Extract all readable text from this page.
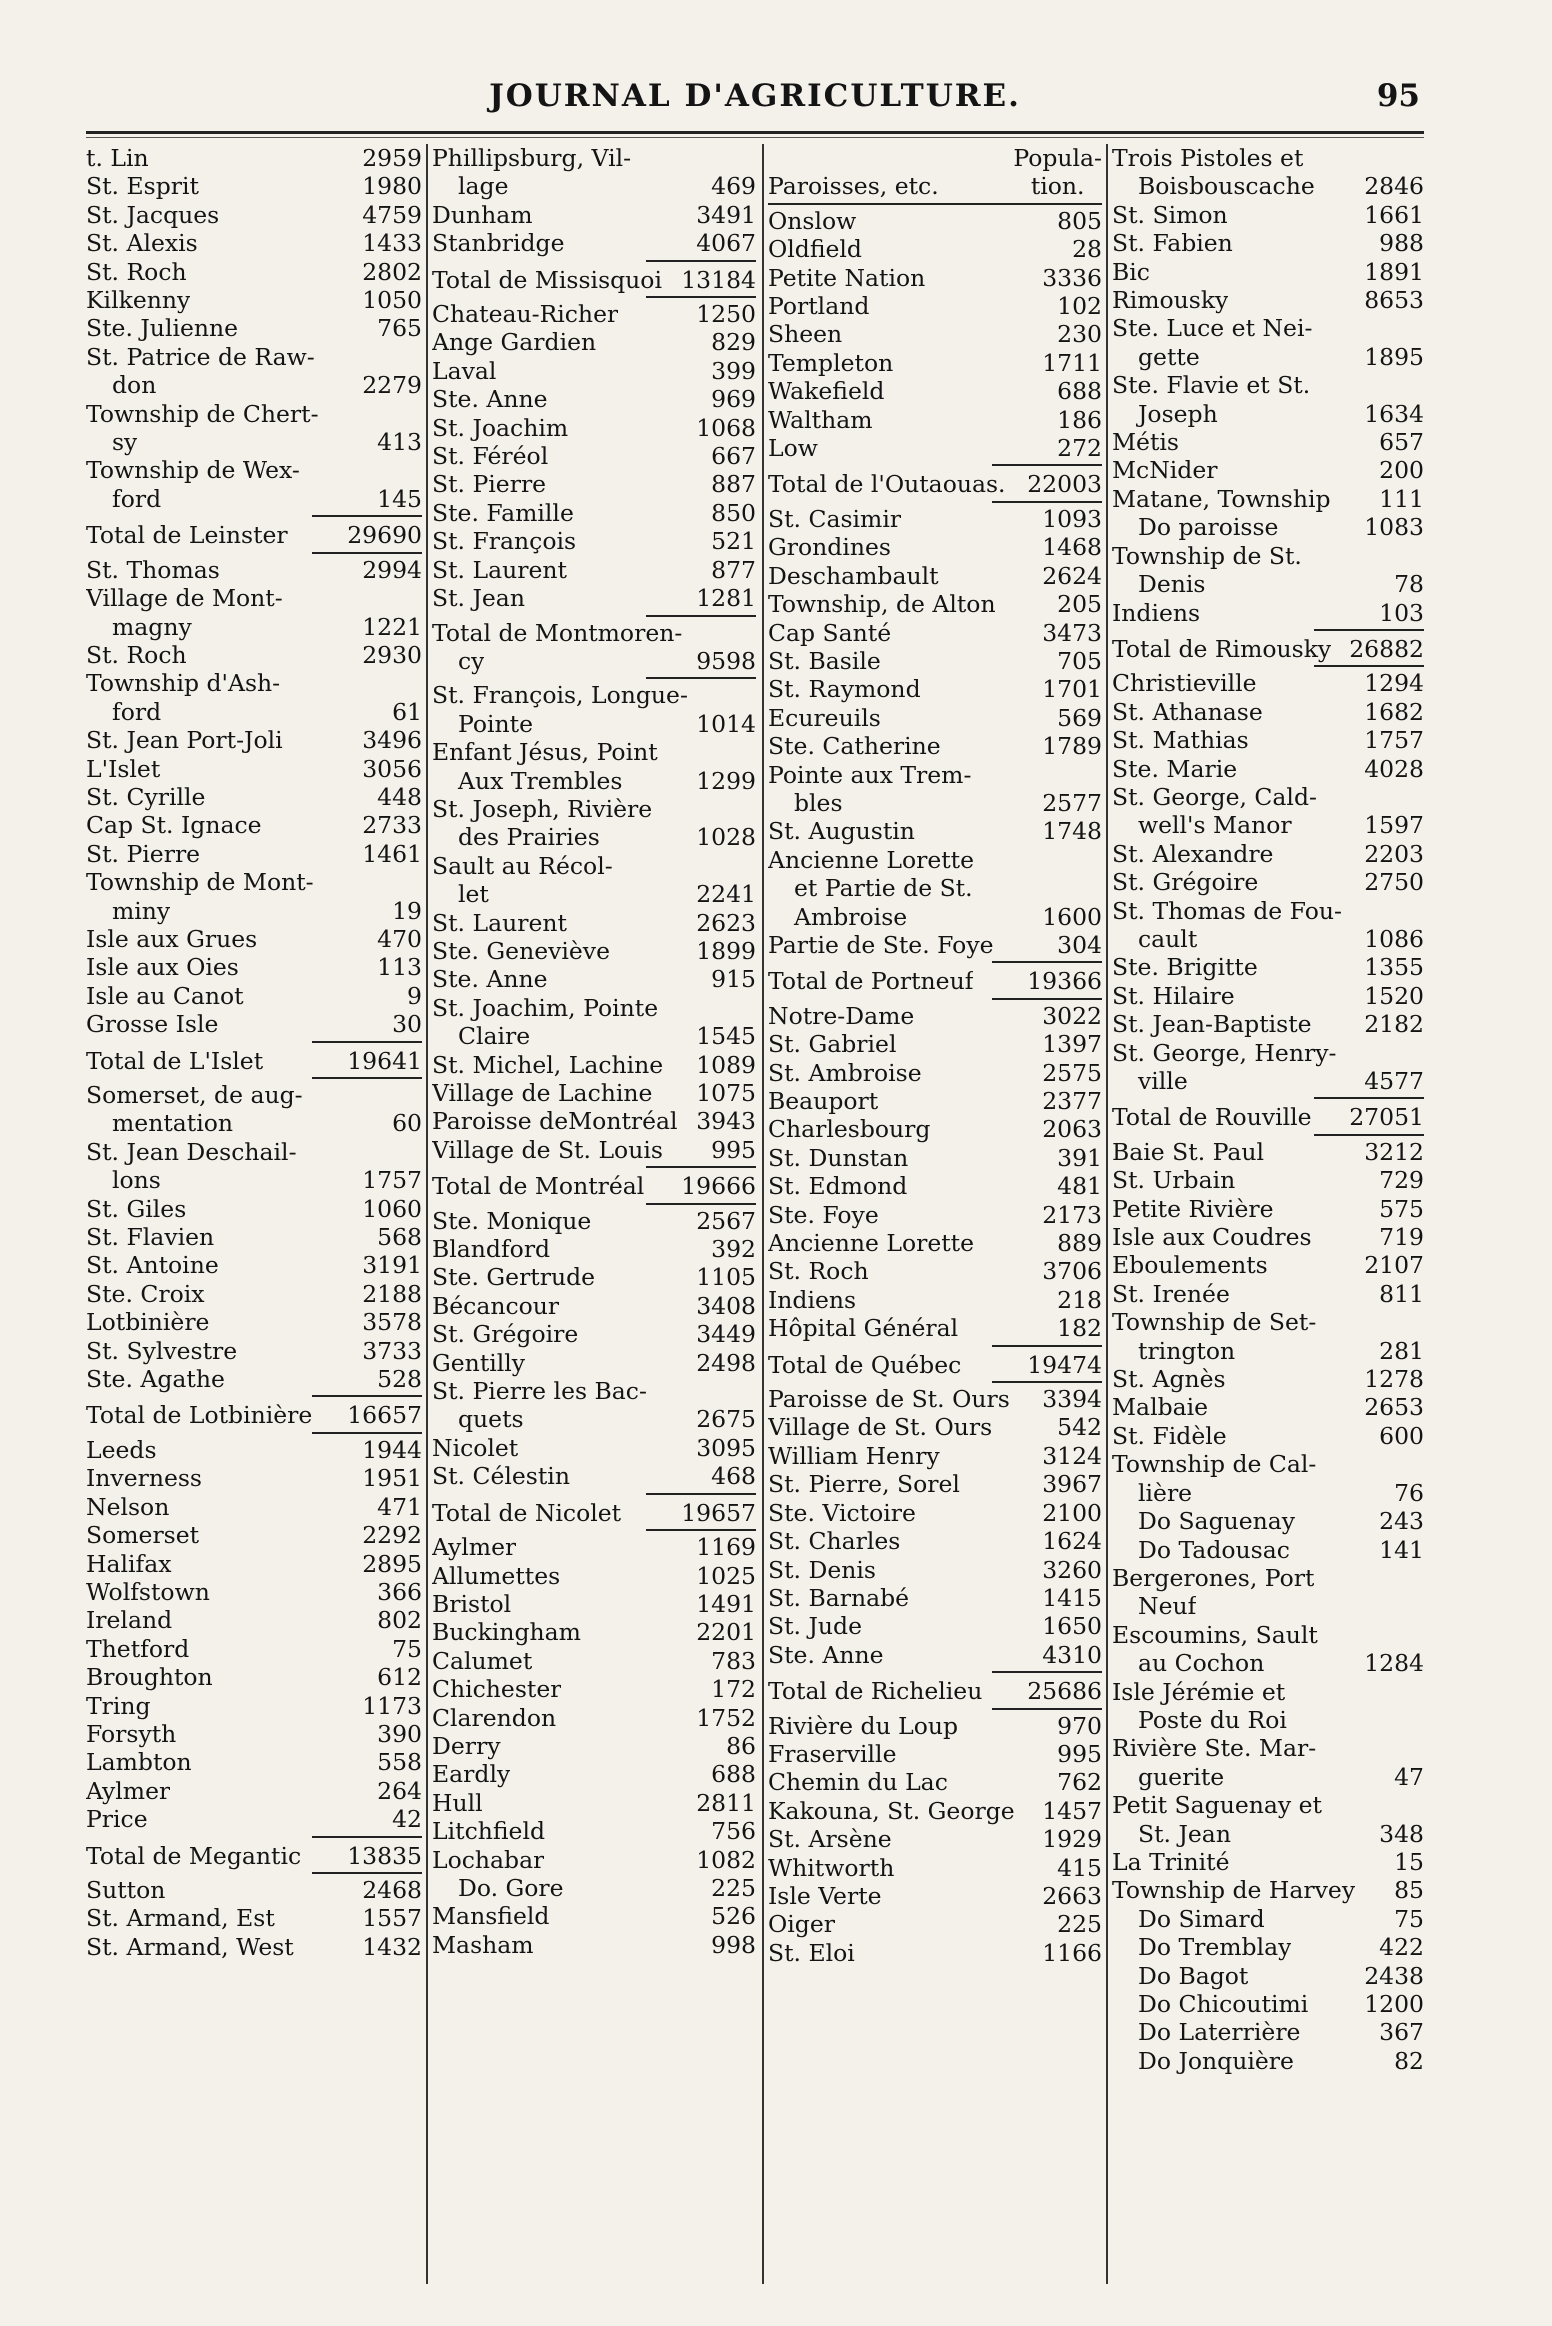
JOURNAL D'AGRICULTURE.	95
t. Lin	2959
St. Esprit	1980
St. Jacques	4759
St. Alexis	1433
St. Roch	2802
Kilkenny	1050
Ste. Julienne	765
St. Patrice de Raw-
don	2279
Township de Chert-
sy	413
Township de Wex-
ford	145
Total de Leinster	29690
St. Thomas	2994
Village de Mont-
magny	1221
St. Roch	2930
Township d'Ash-
ford	61
St. Jean Port-Joli	3496
L'Islet	3056
St. Cyrille	448
Cap St. Ignace	2733
St. Pierre	1461
Township de Mont-
miny	19
Isle aux Grues	470
Isle aux Oies	113
Isle au Canot	9
Grosse Isle	30
Total de L'Islet	19641
Somerset, de aug-
mentation	60
St. Jean Deschail-
lons	1757
St. Giles	1060
St. Flavien	568
St. Antoine	3191
Ste. Croix	2188
Lotbinière	3578
St. Sylvestre	3733
Ste. Agathe	528
Total de Lotbinière 16657
Leeds	1944
Inverness	1951
Nelson	471
Somerset	2292
Halifax	2895
Wolfstown	366
Ireland	802
Thetford	75
Broughton	612
Tring	1173
Forsyth	390
Lambton	558
Aylmer	264
Price	42
Total de Megantic 13835
Sutton	2468
St. Armand, Est	1557
St. Armand, West	1432
Phillipsburg, Vil-
lage	469
Dunham	3491
Stanbridge	4067
Total de Missisquoi 13184
Chateau-Richer	1250
Ange Gardien	829
Laval	399
Ste. Anne	969
St. Joachim	1068
St. Féréol	667
St. Pierre	887
Ste. Famille	850
St. François	521
St. Laurent	877
St. Jean	1281
Total de Montmoren-
cy	9598
St. François, Longue-
Pointe	1014
Enfant Jésus, Point
Aux Trembles	1299
St. Joseph, Rivière
des Prairies	1028
Sault au Récol-
let	2241
St. Laurent	2623
Ste. Geneviève	1899
Ste. Anne	915
St. Joachim, Pointe
Claire	1545
St. Michel, Lachine 1089
Village de Lachine 1075
Paroisse deMontréal 3943
Village de St. Louis 995
Total de Montréal 19666
Ste. Monique	2567
Blandford	392
Ste. Gertrude	1105
Bécancour	3408
St. Grégoire	3449
Gentilly	2498
St. Pierre les Bac-
quets	2675
Nicolet	3095
St. Célestin	468
Total de Nicolet	19657
Aylmer	1169
Allumettes	1025
Bristol	1491
Buckingham	2201
Calumet	783
Chichester	172
Clarendon	1752
Derry	86
Eardly	688
Hull	2811
Litchfield	756
Lochabar	1082
Do. Gore	225
Mansfield	526
Masham	998
Paroisses, etc.
Popula-
tion.
Onslow	805
Oldfield	28
Petite Nation	3336
Portland	102
Sheen	230
Templeton	1711
Wakefield	688
Waltham	186
Low	272
Total de l'Outaouas. 22003
St. Casimir	1093
Grondines	1468
Deschambault	2624
Township, de Alton	205
Cap Santé	3473
St. Basile	705
St. Raymond	1701
Ecureuils	569
Ste. Catherine	1789
Pointe aux Trem-
bles	2577
St. Augustin	1748
Ancienne Lorette
et Partie de St.
Ambroise	1600
Partie de Ste. Foye	304
Total de Portneuf 19366
Notre-Dame	3022
St. Gabriel	1397
St. Ambroise	2575
Beauport	2377
Charlesbourg	2063
St. Dunstan	391
St. Edmond	481
Ste. Foye	2173
Ancienne Lorette	889
St. Roch	3706
Indiens	218
Hôpital Général	182
Total de Québec	19474
Paroisse de St. Ours 3394
Village de St. Ours	542
William Henry	3124
St. Pierre, Sorel	3967
Ste. Victoire	2100
St. Charles	1624
St. Denis	3260
St. Barnabé	1415
St. Jude	1650
Ste. Anne	4310
Total de Richelieu 25686
Rivière du Loup	970
Fraserville	995
Chemin du Lac	762
Kakouna, St. George 1457
St. Arsène	1929
Whitworth	415
Isle Verte	2663
Oiger	225
St. Eloi	1166
Trois Pistoles et
Boisbouscache 2846
St. Simon	1661
St. Fabien	988
Bic	1891
Rimousky	8653
Ste. Luce et Nei-
gette	1895
Ste. Flavie et St.
Joseph	1634
Métis	657
McNider	200
Matane, Township 111
Do paroisse	1083
Township de St.
Denis	78
Indiens	103
Total de Rimousky 26882
Christieville	1294
St. Athanase	1682
St. Mathias	1757
Ste. Marie	4028
St. George, Cald-
well's Manor	1597
St. Alexandre	2203
St. Grégoire	2750
St. Thomas de Fou-
cault	1086
Ste. Brigitte	1355
St. Hilaire	1520
St. Jean-Baptiste 2182
St. George, Henry-
ville	4577
Total de Rouville 27051
Baie St. Paul	3212
St. Urbain	729
Petite Rivière	575
Isle aux Coudres	719
Eboulements	2107
St. Irenée	811
Township de Set-
trington	281
St. Agnès	1278
Malbaie	2653
St. Fidèle	600
Township de Cal-
lière	76
Do Saguenay	243
Do Tadousac	141
Bergerones, Port
Neuf
Escoumins, Sault
au Cochon	1284
Isle Jérémie et
Poste du Roi
Rivière Ste. Mar-
guerite	47
Petit Saguenay et
St. Jean	348
La Trinité	15
Township de Harvey 85
Do Simard	75
Do Tremblay	422
Do Bagot	2438
Do Chicoutimi 1200
Do Laterrière	367
Do Jonquière	82
